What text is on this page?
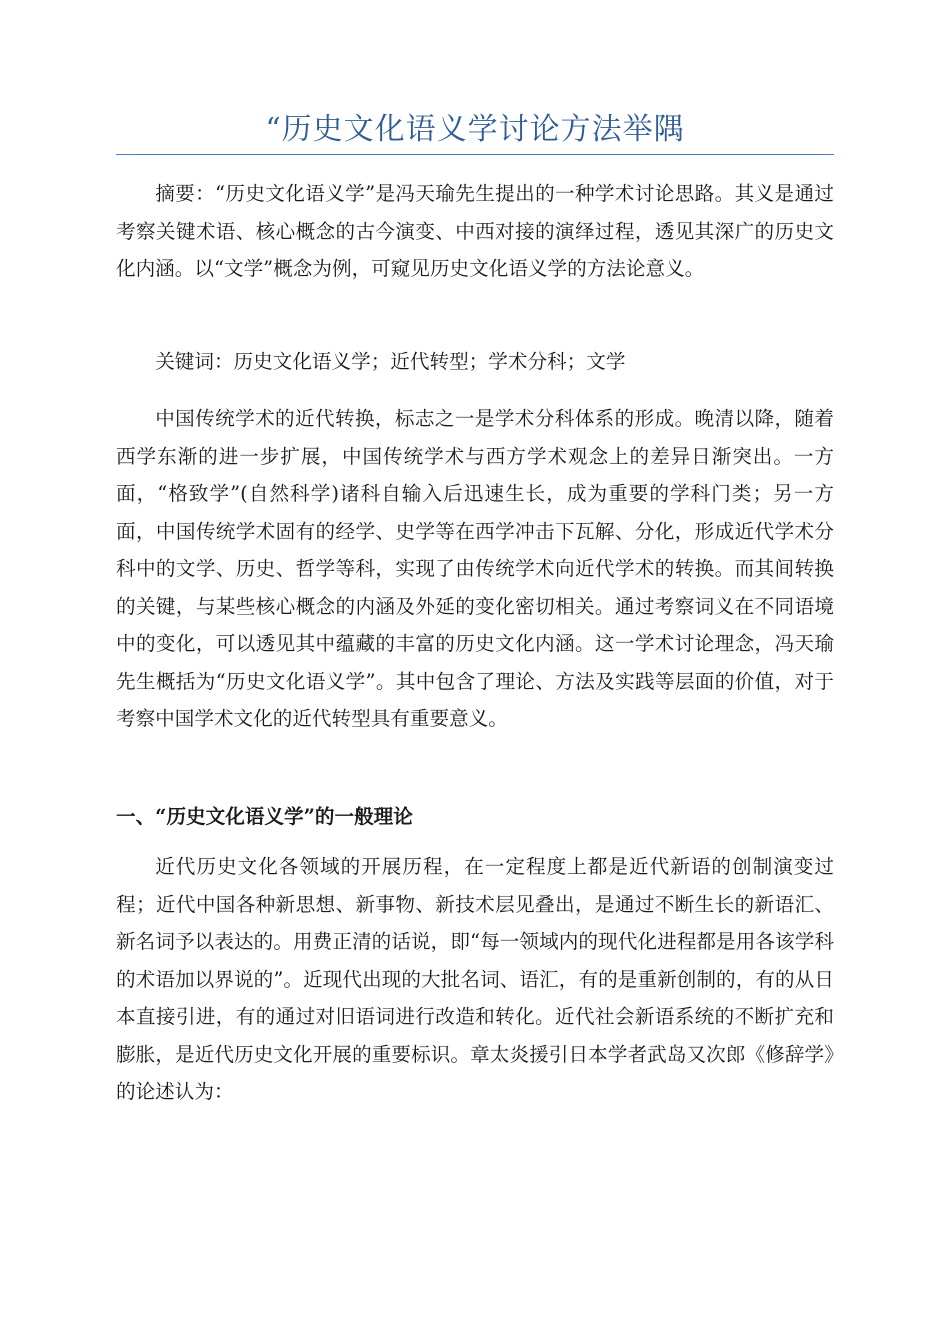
“历史文化语义学讨论方法举隅

摘要：“历史文化语义学”是冯天瑜先生提出的一种学术讨论思路。其义是通过考察关键术语、核心概念的古今演变、中西对接的演绎过程，透见其深广的历史文化内涵。以“文学”概念为例，可窥见历史文化语义学的方法论意义。

关键词：历史文化语义学；近代转型；学术分科；文学

中国传统学术的近代转换，标志之一是学术分科体系的形成。晚清以降，随着西学东渐的进一步扩展，中国传统学术与西方学术观念上的差异日渐突出。一方面，“格致学”(自然科学)诸科自输入后迅速生长，成为重要的学科门类；另一方面，中国传统学术固有的经学、史学等在西学冲击下瓦解、分化，形成近代学术分科中的文学、历史、哲学等科，实现了由传统学术向近代学术的转换。而其间转换的关键，与某些核心概念的内涵及外延的变化密切相关。通过考察词义在不同语境中的变化，可以透见其中蕴藏的丰富的历史文化内涵。这一学术讨论理念，冯天瑜先生概括为“历史文化语义学”。其中包含了理论、方法及实践等层面的价值，对于考察中国学术文化的近代转型具有重要意义。

一、“历史文化语义学”的一般理论

近代历史文化各领域的开展历程，在一定程度上都是近代新语的创制演变过程；近代中国各种新思想、新事物、新技术层见叠出，是通过不断生长的新语汇、新名词予以表达的。用费正清的话说，即“每一领域内的现代化进程都是用各该学科的术语加以界说的”。近现代出现的大批名词、语汇，有的是重新创制的，有的从日本直接引进，有的通过对旧语词进行改造和转化。近代社会新语系统的不断扩充和膨胀，是近代历史文化开展的重要标识。章太炎援引日本学者武岛又次郎《修辞学》的论述认为：
